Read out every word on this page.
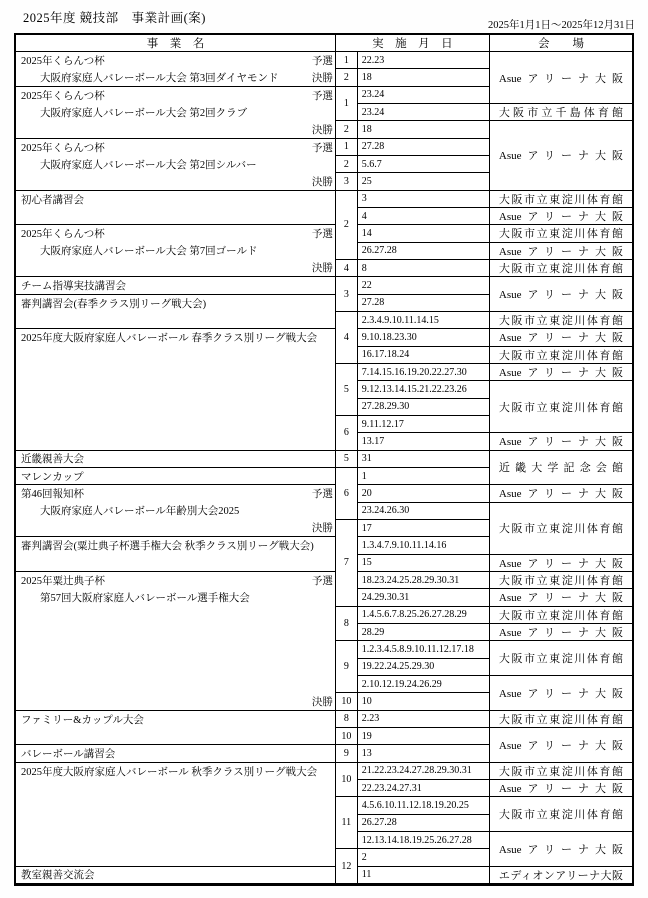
2025年度 競技部　事業計画(案)
2025年1月1日～2025年12月31日
事　業　名	実　施　月　日	会　　場
22.23
18
23.24
23.24
18
27.28
5.6.7
25
3
4
14
26.27.28
8
22
27.28
2.3.4.9.10.11.14.15
9.10.18.23.30
16.17.18.24
7.14.15.16.19.20.22.27.30
9.12.13.14.15.21.22.23.26
27.28.29.30
9.11.12.17
13.17
31
1
20
23.24.26.30
17
1.3.4.7.9.10.11.14.16
15
18.23.24.25.28.29.30.31
24.29.30.31
1.4.5.6.7.8.25.26.27.28.29
28.29
1.2.3.4.5.8.9.10.11.12.17.18
19.22.24.25.29.30
2.10.12.19.24.26.29
10
2.23
19
13
21.22.23.24.27.28.29.30.31
22.23.24.27.31
4.5.6.10.11.12.18.19.20.25
26.27.28
12.13.14.18.19.25.26.27.28
2
11
1
2
1
2
1
2
3
2
4
3
4
5
6
5
6
7
8
9
10
8
10
9
10
11
12
Asueアリーナ大阪
大阪市立千島体育館
Asueアリーナ大阪
大阪市立東淀川体育館
Asueアリーナ大阪
大阪市立東淀川体育館
Asueアリーナ大阪
大阪市立東淀川体育館
Asueアリーナ大阪
大阪市立東淀川体育館
Asueアリーナ大阪
大阪市立東淀川体育館
Asueアリーナ大阪
大阪市立東淀川体育館
Asueアリーナ大阪
近畿大学記念会館
Asueアリーナ大阪
大阪市立東淀川体育館
Asueアリーナ大阪
大阪市立東淀川体育館
Asueアリーナ大阪
大阪市立東淀川体育館
Asueアリーナ大阪
大阪市立東淀川体育館
Asueアリーナ大阪
大阪市立東淀川体育館
Asueアリーナ大阪
大阪市立東淀川体育館
Asueアリーナ大阪
大阪市立東淀川体育館
Asueアリーナ大阪
エディオンアリーナ大阪
2025年くらんつ杯
大阪府家庭人バレーボール大会 第3回ダイヤモンド
予選
決勝
2025年くらんつ杯
大阪府家庭人バレーボール大会 第2回クラブ
予選
決勝
2025年くらんつ杯
大阪府家庭人バレーボール大会 第2回シルバー
予選
決勝
初心者講習会
2025年くらんつ杯
大阪府家庭人バレーボール大会 第7回ゴールド
予選
決勝
チーム指導実技講習会
審判講習会(春季クラス別リーグ戦大会)
2025年度大阪府家庭人バレーボール 春季クラス別リーグ戦大会
近畿親善大会
マレンカップ
第46回報知杯
大阪府家庭人バレーボール年齢別大会2025
予選
決勝
審判講習会(粟辻典子杯選手権大会 秋季クラス別リーグ戦大会)
2025年粟辻典子杯
第57回大阪府家庭人バレーボール選手権大会
予選
決勝
ファミリー&カップル大会
バレーボール講習会
2025年度大阪府家庭人バレーボール 秋季クラス別リーグ戦大会
教室親善交流会
